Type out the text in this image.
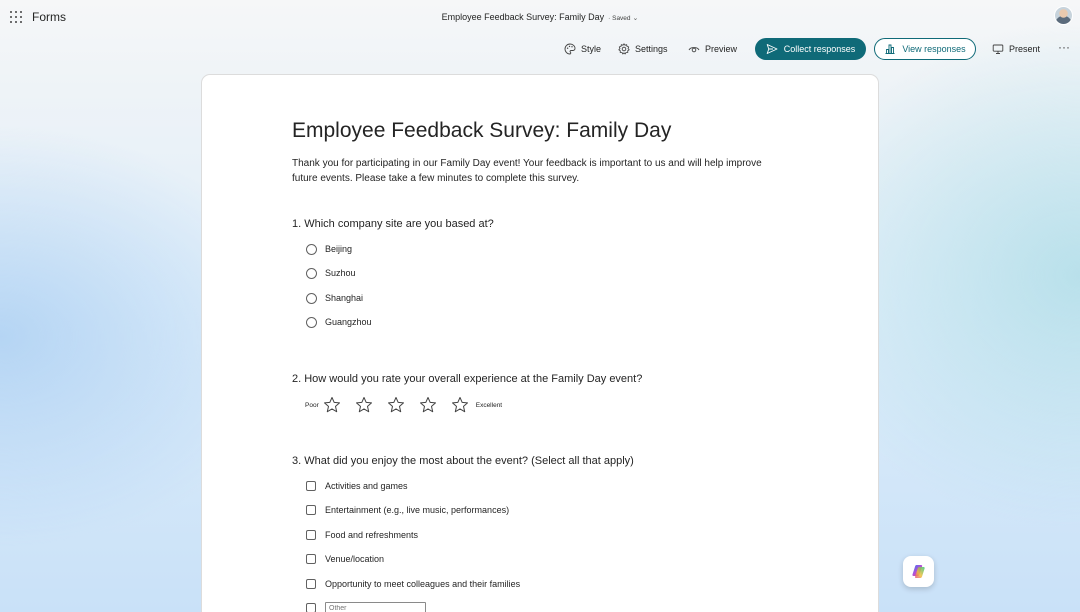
Forms	Employee Feedback Survey: Family Day · Saved ⌄
Style	Settings	Preview	Present
Collect responses	View responses	···
Employee Feedback Survey: Family Day
Thank you for participating in our Family Day event! Your feedback is important to us and will help improve future events. Please take a few minutes to complete this survey.
1. Which company site are you based at?
Beijing
Suzhou
Shanghai
Guangzhou
2. How would you rate your overall experience at the Family Day event?
Poor	Excellent
3. What did you enjoy the most about the event? (Select all that apply)
Activities and games
Entertainment (e.g., live music, performances)
Food and refreshments
Venue/location
Opportunity to meet colleagues and their families
Other
